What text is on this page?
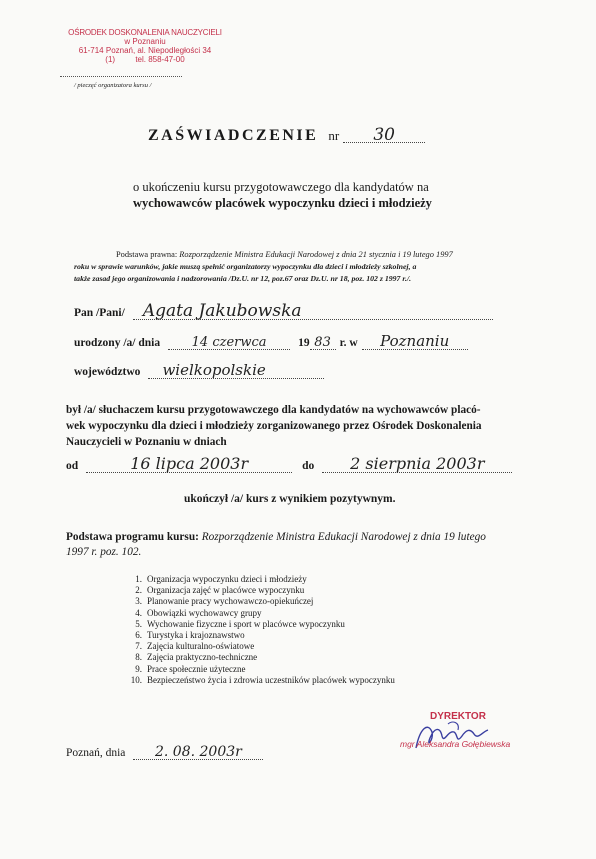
OŚRODEK DOSKONALENIA NAUCZYCIELI
w Poznaniu
61-714 Poznań, al. Niepodległości 34
(1)	tel. 858-47-00
/ pieczęć organizatora kursu /
ZAŚWIADCZENIE nr 30
o ukończeniu kursu przygotowawczego dla kandydatów na
wychowawców placówek wypoczynku dzieci i młodzieży
Podstawa prawna: Rozporządzenie Ministra Edukacji Narodowej z dnia 21 stycznia i 19 lutego 1997
roku w sprawie warunków, jakie muszą spełnić organizatorzy wypoczynku dla dzieci i młodzieży szkolnej, a
także zasad jego organizowania i nadzorowania /Dz.U. nr 12, poz.67 oraz Dz.U. nr 18, poz. 102 z 1997 r./.
Pan /Pani/ Agata Jakubowska
urodzony /a/ dnia 14 czerwca	19 83 r. w Poznaniu
województwo wielkopolskie
był /a/ słuchaczem kursu przygotowawczego dla kandydatów na wychowawców placó-
wek wypoczynku dla dzieci i młodzieży zorganizowanego przez Ośrodek Doskonalenia
Nauczycieli w Poznaniu w dniach
od	16 lipca 2003r	do 2 sierpnia 2003r
ukończył /a/ kurs z wynikiem pozytywnym.
Podstawa programu kursu: Rozporządzenie Ministra Edukacji Narodowej z dnia 19 lutego
1997 r. poz. 102.
1. Organizacja wypoczynku dzieci i młodzieży
2. Organizacja zajęć w placówce wypoczynku
3. Planowanie pracy wychowawczo-opiekuńczej
4. Obowiązki wychowawcy grupy
5. Wychowanie fizyczne i sport w placówce wypoczynku
6. Turystyka i krajoznawstwo
7. Zajęcia kulturalno-oświatowe
8. Zajęcia praktyczno-techniczne
9. Prace społecznie użyteczne
10. Bezpieczeństwo życia i zdrowia uczestników placówek wypoczynku
Poznań, dnia 2. 08. 2003r
DYREKTOR
mgr Aleksandra Gołębiewska
